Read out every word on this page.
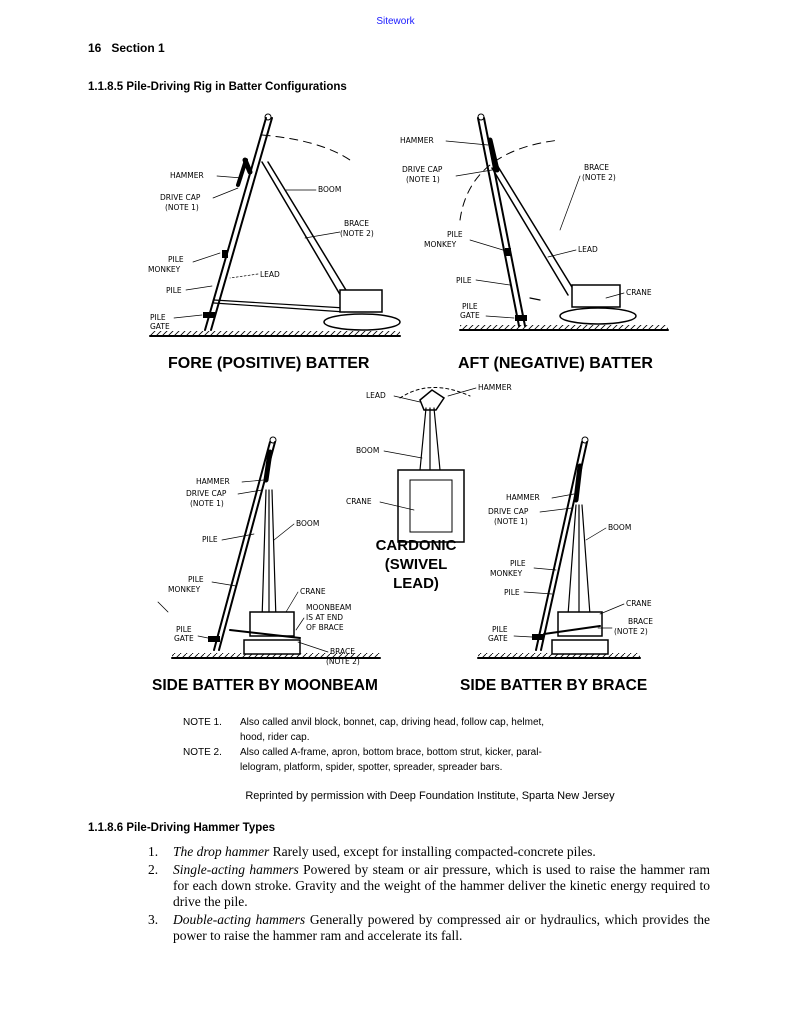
Sitework
16 Section 1
1.1.8.5 Pile-Driving Rig in Batter Configurations
HAMMER
DRIVE CAP
(NOTE 1)
BOOM
BRACE
(NOTE 2)
PILE
MONKEY
LEAD
PILE
PILE
GATE
FORE (POSITIVE) BATTER
HAMMER
DRIVE CAP
(NOTE 1)
BRACE
(NOTE 2)
PILE
MONKEY
LEAD
PILE
CRANE
PILE
GATE
AFT (NEGATIVE) BATTER
LEAD
HAMMER
BOOM
CRANE
CARDONIC
(SWIVEL
LEAD)
HAMMER
DRIVE CAP
(NOTE 1)
BOOM
PILE
PILE
MONKEY	CRANE
MOONBEAM
IS AT END
OF BRACE
PILE
GATE
BRACE
(NOTE 2)
SIDE BATTER BY MOONBEAM
HAMMER
DRIVE CAP
(NOTE 1)
BOOM
PILE
MONKEY
PILE
CRANE
BRACE
(NOTE 2)
PILE
GATE
SIDE BATTER BY BRACE
NOTE 1. Also called anvil block, bonnet, cap, driving head, follow cap, helmet,
hood, rider cap.
NOTE 2. Also called A-frame, apron, bottom brace, bottom strut, kicker, paral-
lelogram, platform, spider, spotter, spreader, spreader bars.
Reprinted by permission with Deep Foundation Institute, Sparta New Jersey
1.1.8.6 Pile-Driving Hammer Types
1. The drop hammer Rarely used, except for installing compacted-concrete piles.
2. Single-acting hammers Powered by steam or air pressure, which is used to raise the hammer ram for each down stroke. Gravity and the weight of the hammer deliver the kinetic energy required to drive the pile.
3. Double-acting hammers Generally powered by compressed air or hydraulics, which provides the power to raise the hammer ram and accelerate its fall.
